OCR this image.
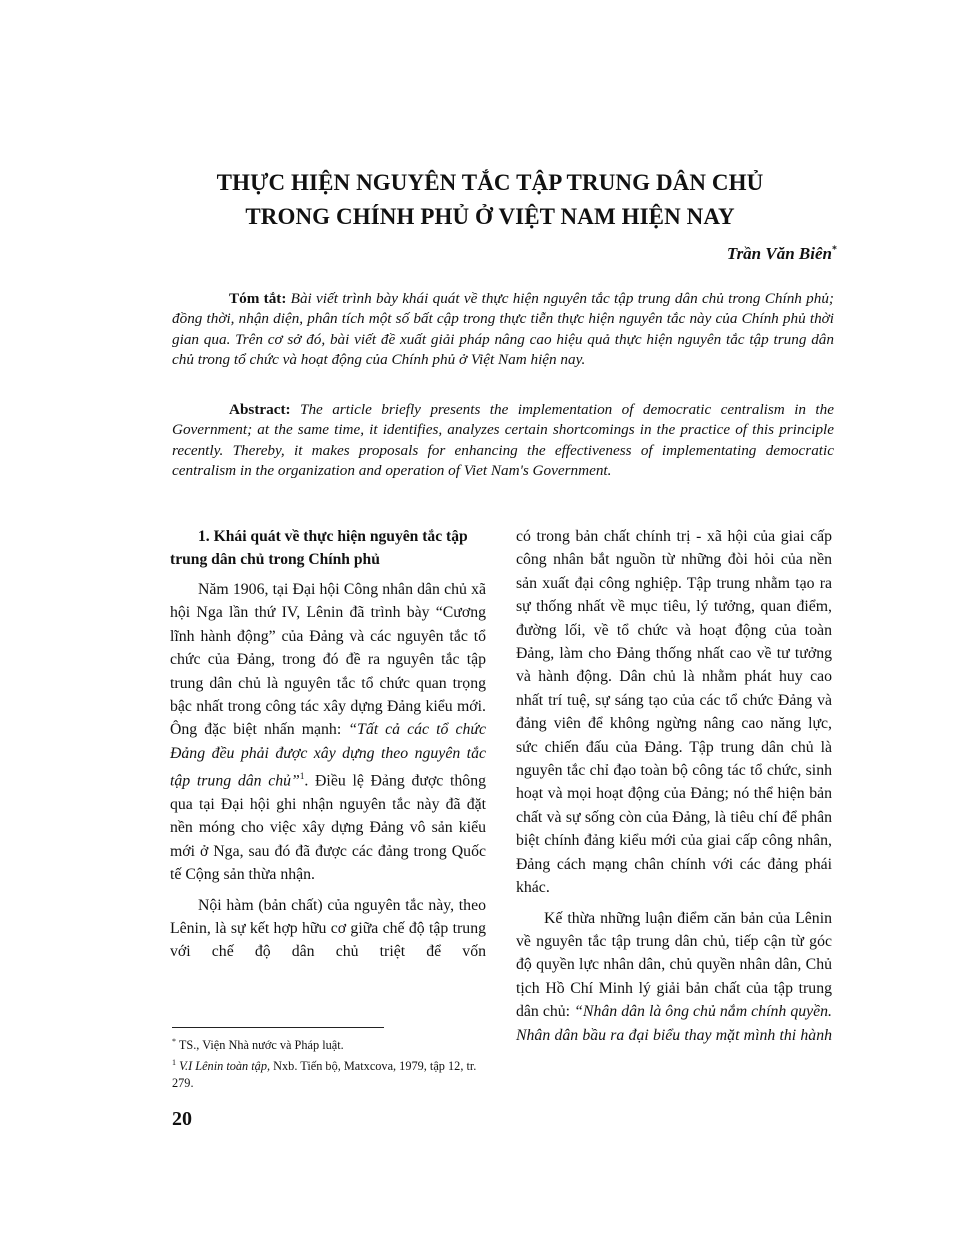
THỰC HIỆN NGUYÊN TẮC TẬP TRUNG DÂN CHỦ
TRONG CHÍNH PHỦ Ở VIỆT NAM HIỆN NAY
Trần Văn Biên*

Tóm tắt: Bài viết trình bày khái quát về thực hiện nguyên tắc tập trung dân chủ trong Chính phủ; đồng thời, nhận diện, phân tích một số bất cập trong thực tiễn thực hiện nguyên tắc này của Chính phủ thời gian qua. Trên cơ sở đó, bài viết đề xuất giải pháp nâng cao hiệu quả thực hiện nguyên tắc tập trung dân chủ trong tổ chức và hoạt động của Chính phủ ở Việt Nam hiện nay.

Abstract: The article briefly presents the implementation of democratic centralism in the Government; at the same time, it identifies, analyzes certain shortcomings in the practice of this principle recently. Thereby, it makes proposals for enhancing the effectiveness of implementating democratic centralism in the organization and operation of Viet Nam's Government.

1. Khái quát về thực hiện nguyên tắc tập trung dân chủ trong Chính phủ

Năm 1906, tại Đại hội Công nhân dân chủ xã hội Nga lần thứ IV, Lênin đã trình bày “Cương lĩnh hành động” của Đảng và các nguyên tắc tổ chức của Đảng, trong đó đề ra nguyên tắc tập trung dân chủ là nguyên tắc tổ chức quan trọng bậc nhất trong công tác xây dựng Đảng kiểu mới. Ông đặc biệt nhấn mạnh: “Tất cả các tổ chức Đảng đều phải được xây dựng theo nguyên tắc tập trung dân chủ”$^1$. Điều lệ Đảng được thông qua tại Đại hội ghi nhận nguyên tắc này đã đặt nền móng cho việc xây dựng Đảng vô sản kiểu mới ở Nga, sau đó đã được các đảng trong Quốc tế Cộng sản thừa nhận.

Nội hàm (bản chất) của nguyên tắc này, theo Lênin, là sự kết hợp hữu cơ giữa chế độ tập trung với chế độ dân chủ triệt để vốn

có trong bản chất chính trị - xã hội của giai cấp công nhân bắt nguồn từ những đòi hỏi của nền sản xuất đại công nghiệp. Tập trung nhằm tạo ra sự thống nhất về mục tiêu, lý tưởng, quan điểm, đường lối, về tổ chức và hoạt động của toàn Đảng, làm cho Đảng thống nhất cao về tư tưởng và hành động. Dân chủ là nhằm phát huy cao nhất trí tuệ, sự sáng tạo của các tổ chức Đảng và đảng viên để không ngừng nâng cao năng lực, sức chiến đấu của Đảng. Tập trung dân chủ là nguyên tắc chỉ đạo toàn bộ công tác tổ chức, sinh hoạt và mọi hoạt động của Đảng; nó thể hiện bản chất và sự sống còn của Đảng, là tiêu chí để phân biệt chính đảng kiểu mới của giai cấp công nhân, Đảng cách mạng chân chính với các đảng phái khác.

Kế thừa những luận điểm căn bản của Lênin về nguyên tắc tập trung dân chủ, tiếp cận từ góc độ quyền lực nhân dân, chủ quyền nhân dân, Chủ tịch Hồ Chí Minh lý giải bản chất của tập trung dân chủ: “Nhân dân là ông chủ nắm chính quyền. Nhân dân bầu ra đại biểu thay mặt mình thi hành

* TS., Viện Nhà nước và Pháp luật.
$^1$ V.I Lênin toàn tập, Nxb. Tiến bộ, Matxcova, 1979, tập 12, tr. 279.
20
